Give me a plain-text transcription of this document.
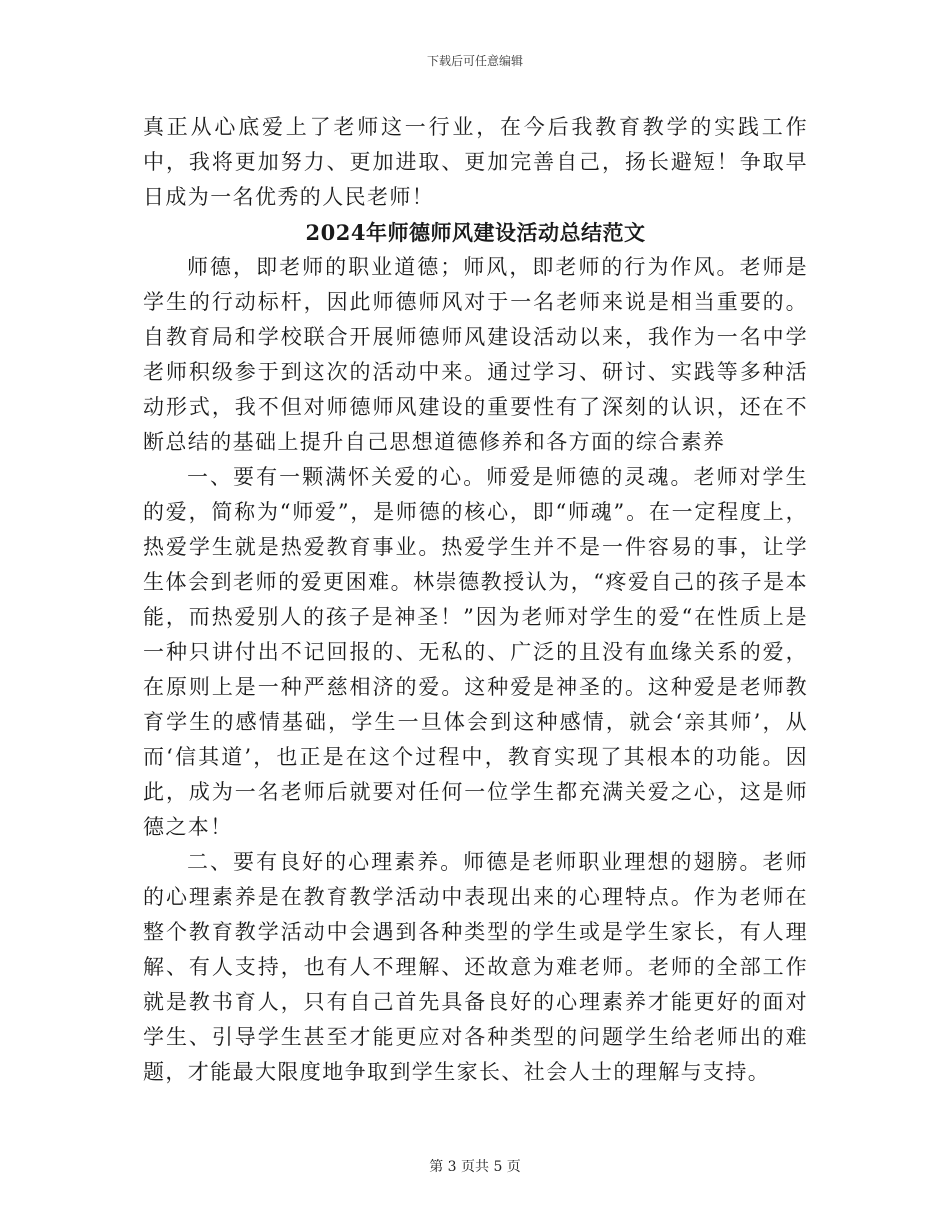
下载后可任意编辑

真正从心底爱上了老师这一行业，在今后我教育教学的实践工作中，我将更加努力、更加进取、更加完善自己，扬长避短！争取早日成为一名优秀的人民老师！

2024年师德师风建设活动总结范文

师德，即老师的职业道德；师风，即老师的行为作风。老师是学生的行动标杆，因此师德师风对于一名老师来说是相当重要的。自教育局和学校联合开展师德师风建设活动以来，我作为一名中学老师积级参于到这次的活动中来。通过学习、研讨、实践等多种活动形式，我不但对师德师风建设的重要性有了深刻的认识，还在不断总结的基础上提升自己思想道德修养和各方面的综合素养

一、要有一颗满怀关爱的心。师爱是师德的灵魂。老师对学生的爱，简称为“师爱”，是师德的核心，即“师魂”。在一定程度上，热爱学生就是热爱教育事业。热爱学生并不是一件容易的事，让学生体会到老师的爱更困难。林崇德教授认为，“疼爱自己的孩子是本能，而热爱别人的孩子是神圣！”因为老师对学生的爱“在性质上是一种只讲付出不记回报的、无私的、广泛的且没有血缘关系的爱，在原则上是一种严慈相济的爱。这种爱是神圣的。这种爱是老师教育学生的感情基础，学生一旦体会到这种感情，就会‘亲其师’，从而‘信其道’，也正是在这个过程中，教育实现了其根本的功能。因此，成为一名老师后就要对任何一位学生都充满关爱之心，这是师德之本！

二、要有良好的心理素养。师德是老师职业理想的翅膀。老师的心理素养是在教育教学活动中表现出来的心理特点。作为老师在整个教育教学活动中会遇到各种类型的学生或是学生家长，有人理解、有人支持，也有人不理解、还故意为难老师。老师的全部工作就是教书育人，只有自己首先具备良好的心理素养才能更好的面对学生、引导学生甚至才能更应对各种类型的问题学生给老师出的难题，才能最大限度地争取到学生家长、社会人士的理解与支持。

第 3 页共 5 页
